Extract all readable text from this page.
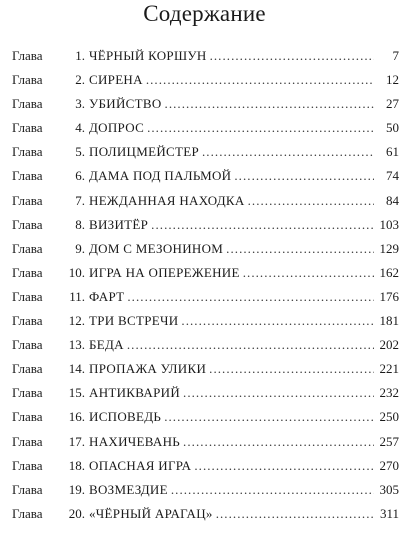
Содержание
Глава	1. ЧЁРНЫЙ КОРШУН . . .	7
Глава	2. СИРЕНА . . .	12
Глава	3. УБИЙСТВО . . .	27
Глава	4. ДОПРОС . . .	50
Глава	5. ПОЛИЦМЕЙСТЕР . . .	61
Глава	6. ДАМА ПОД ПАЛЬМОЙ . . .	74
Глава	7. НЕЖДАННАЯ НАХОДКА . . .	84
Глава	8. ВИЗИТЁР . . .	103
Глава	9. ДОМ С МЕЗОНИНОМ . . .	129
Глава	10. ИГРА НА ОПЕРЕЖЕНИЕ . . .	162
Глава	11. ФАРТ . . .	176
Глава	12. ТРИ ВСТРЕЧИ . . .	181
Глава	13. БЕДА . . .	202
Глава	14. ПРОПАЖА УЛИКИ . . .	221
Глава	15. АНТИКВАРИЙ . . .	232
Глава	16. ИСПОВЕДЬ . . .	250
Глава	17. НАХИЧЕВАНЬ . . .	257
Глава	18. ОПАСНАЯ ИГРА . . .	270
Глава	19. ВОЗМЕЗДИЕ . . .	305
Глава	20. «ЧЁРНЫЙ АРАГАЦ» . . .	311
